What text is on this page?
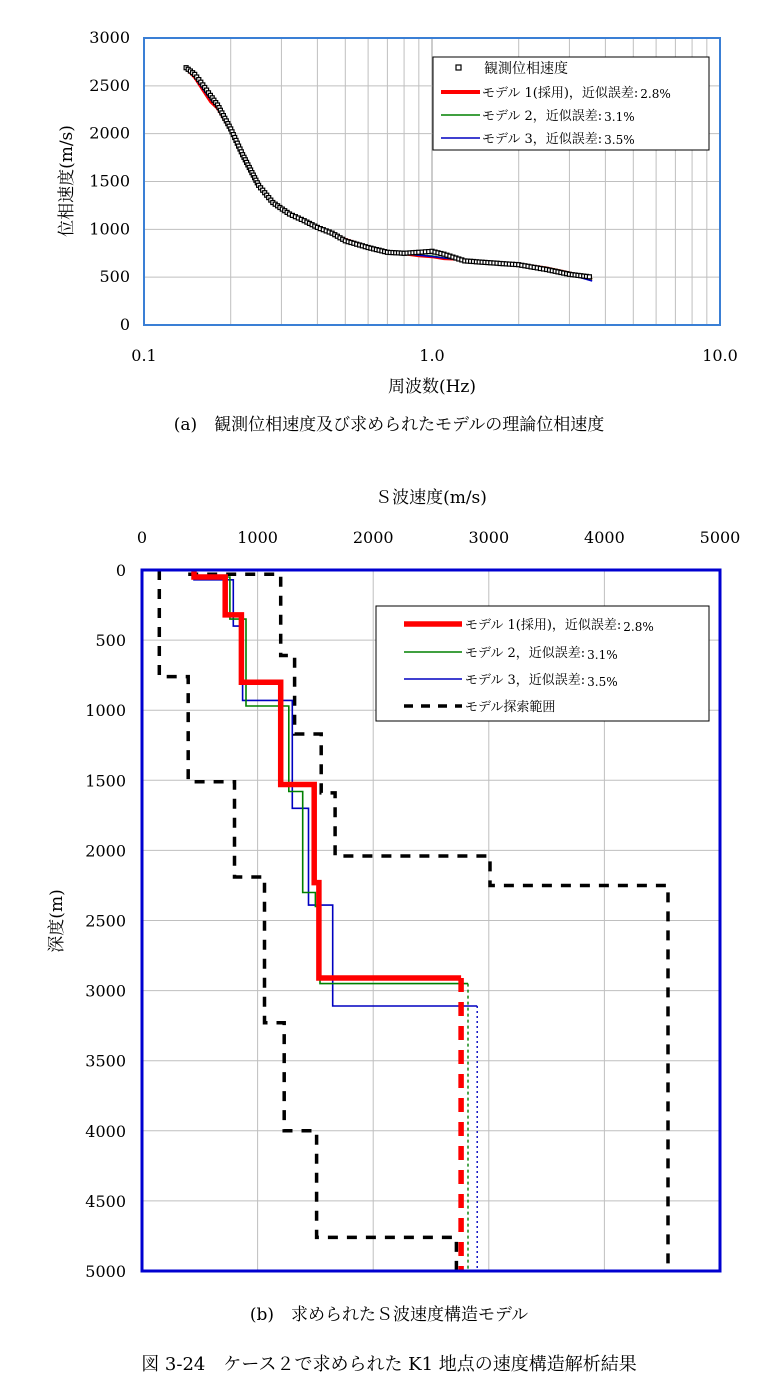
0.1	1.0	10.0
0
500
1000
1500
2000
2500
3000
周波数(Hz)
位相速度(m/s)
観測位相速度
モデル 1(採用)，近似誤差: 2.8%
モデル 2，近似誤差: 3.1%
モデル 3，近似誤差: 3.5%
0	1000	2000	3000	4000	5000
0
500
1000
1500
2000
2500
3000
3500
4000
4500
5000
Ｓ波速度(m/s)
深度(m)
モデル 1(採用)，近似誤差: 2.8%
モデル 2，近似誤差: 3.1%
モデル 3，近似誤差: 3.5%
モデル探索範囲
(a)　観測位相速度及び求められたモデルの理論位相速度
(b)　求められたＳ波速度構造モデル
図 3-24　ケース２で求められた K1 地点の速度構造解析結果
